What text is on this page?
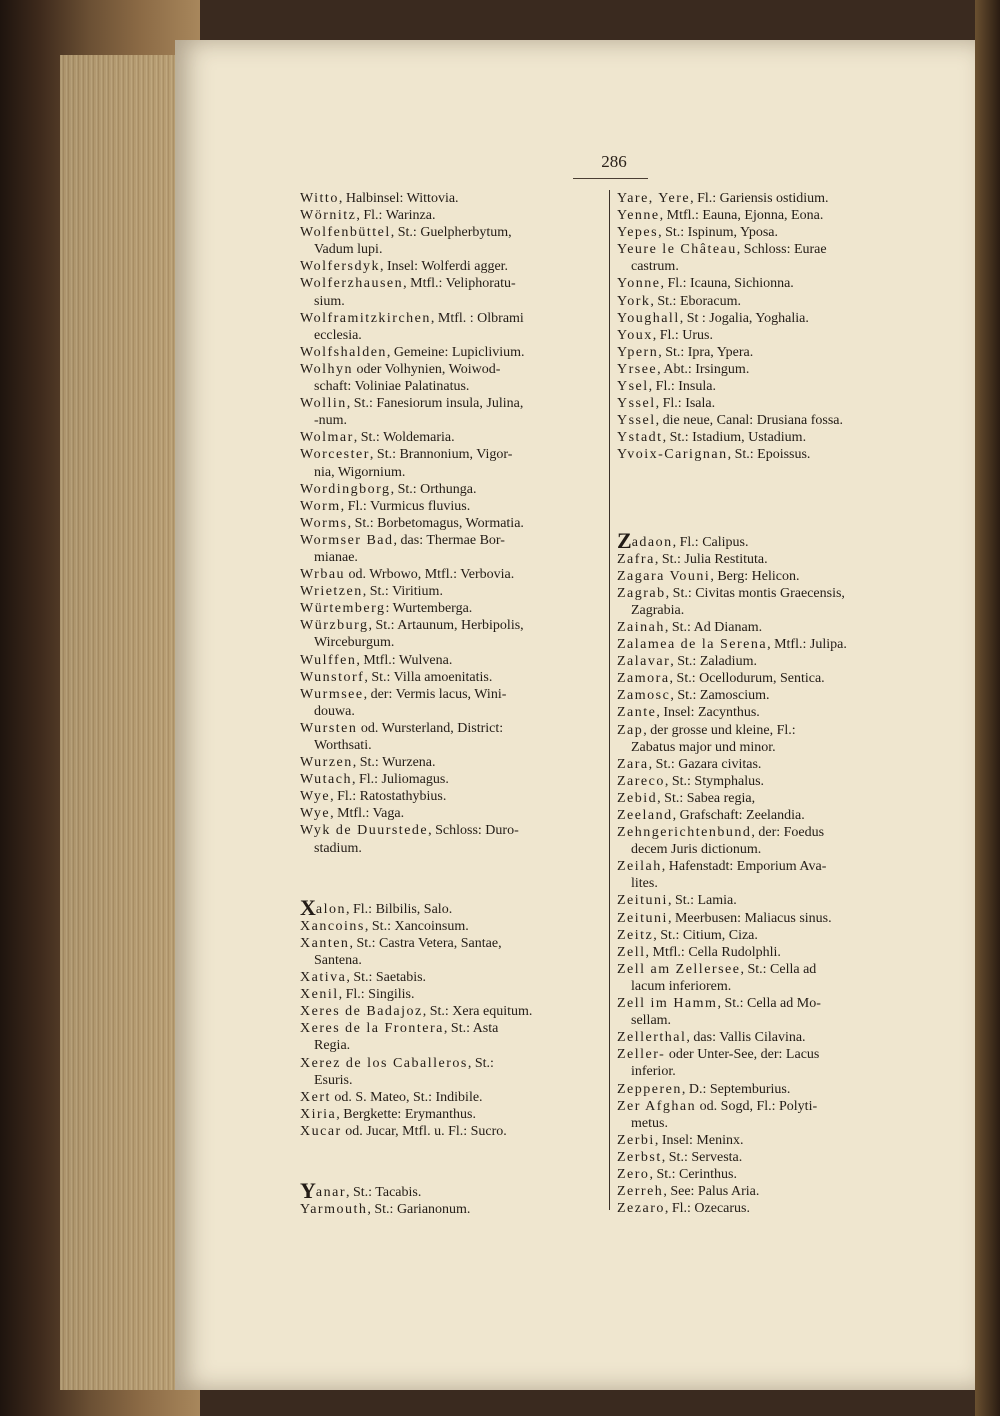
286
Witto, Halbinsel: Wittovia.
Wörnitz, Fl.: Warinza.
Wolfenbüttel, St.: Guelpherbytum,
Vadum lupi.
Wolfersdyk, Insel: Wolferdi agger.
Wolferzhausen, Mtfl.: Veliphoratu-
sium.
Wolframitzkirchen, Mtfl. : Olbrami
ecclesia.
Wolfshalden, Gemeine: Lupiclivium.
Wolhyn oder Volhynien, Woiwod-
schaft: Voliniae Palatinatus.
Wollin, St.: Fanesiorum insula, Julina,
-num.
Wolmar, St.: Woldemaria.
Worcester, St.: Brannonium, Vigor-
nia, Wigornium.
Wordingborg, St.: Orthunga.
Worm, Fl.: Vurmicus fluvius.
Worms, St.: Borbetomagus, Wormatia.
Wormser Bad, das: Thermae Bor-
mianae.
Wrbau od. Wrbowo, Mtfl.: Verbovia.
Wrietzen, St.: Viritium.
Würtemberg: Wurtemberga.
Würzburg, St.: Artaunum, Herbipolis,
Wirceburgum.
Wulffen, Mtfl.: Wulvena.
Wunstorf, St.: Villa amoenitatis.
Wurmsee, der: Vermis lacus, Wini-
douwa.
Wursten od. Wursterland, District:
Worthsati.
Wurzen, St.: Wurzena.
Wutach, Fl.: Juliomagus.
Wye, Fl.: Ratostathybius.
Wye, Mtfl.: Vaga.
Wyk de Duurstede, Schloss: Duro-
stadium.
Xalon, Fl.: Bilbilis, Salo.
Xancoins, St.: Xancoinsum.
Xanten, St.: Castra Vetera, Santae,
Santena.
Xativa, St.: Saetabis.
Xenil, Fl.: Singilis.
Xeres de Badajoz, St.: Xera equitum.
Xeres de la Frontera, St.: Asta
Regia.
Xerez de los Caballeros, St.:
Esuris.
Xert od. S. Mateo, St.: Indibile.
Xiria, Bergkette: Erymanthus.
Xucar od. Jucar, Mtfl. u. Fl.: Sucro.
Yanar, St.: Tacabis.
Yarmouth, St.: Garianonum.
Yare, Yere, Fl.: Gariensis ostidium.
Yenne, Mtfl.: Eauna, Ejonna, Eona.
Yepes, St.: Ispinum, Yposa.
Yeure le Château, Schloss: Eurae
castrum.
Yonne, Fl.: Icauna, Sichionna.
York, St.: Eboracum.
Youghall, St : Jogalia, Yoghalia.
Youx, Fl.: Urus.
Ypern, St.: Ipra, Ypera.
Yrsee, Abt.: Irsingum.
Ysel, Fl.: Insula.
Yssel, Fl.: Isala.
Yssel, die neue, Canal: Drusiana fossa.
Ystadt, St.: Istadium, Ustadium.
Yvoix-Carignan, St.: Epoissus.
Zadaon, Fl.: Calipus.
Zafra, St.: Julia Restituta.
Zagara Vouni, Berg: Helicon.
Zagrab, St.: Civitas montis Graecensis,
Zagrabia.
Zainah, St.: Ad Dianam.
Zalamea de la Serena, Mtfl.: Julipa.
Zalavar, St.: Zaladium.
Zamora, St.: Ocellodurum, Sentica.
Zamosc, St.: Zamoscium.
Zante, Insel: Zacynthus.
Zap, der grosse und kleine, Fl.:
Zabatus major und minor.
Zara, St.: Gazara civitas.
Zareco, St.: Stymphalus.
Zebid, St.: Sabea regia,
Zeeland, Grafschaft: Zeelandia.
Zehngerichtenbund, der: Foedus
decem Juris dictionum.
Zeilah, Hafenstadt: Emporium Ava-
lites.
Zeituni, St.: Lamia.
Zeituni, Meerbusen: Maliacus sinus.
Zeitz, St.: Citium, Ciza.
Zell, Mtfl.: Cella Rudolphli.
Zell am Zellersee, St.: Cella ad
lacum inferiorem.
Zell im Hamm, St.: Cella ad Mo-
sellam.
Zellerthal, das: Vallis Cilavina.
Zeller- oder Unter-See, der: Lacus
inferior.
Zepperen, D.: Septemburius.
Zer Afghan od. Sogd, Fl.: Polyti-
metus.
Zerbi, Insel: Meninx.
Zerbst, St.: Servesta.
Zero, St.: Cerinthus.
Zerreh, See: Palus Aria.
Zezaro, Fl.: Ozecarus.
